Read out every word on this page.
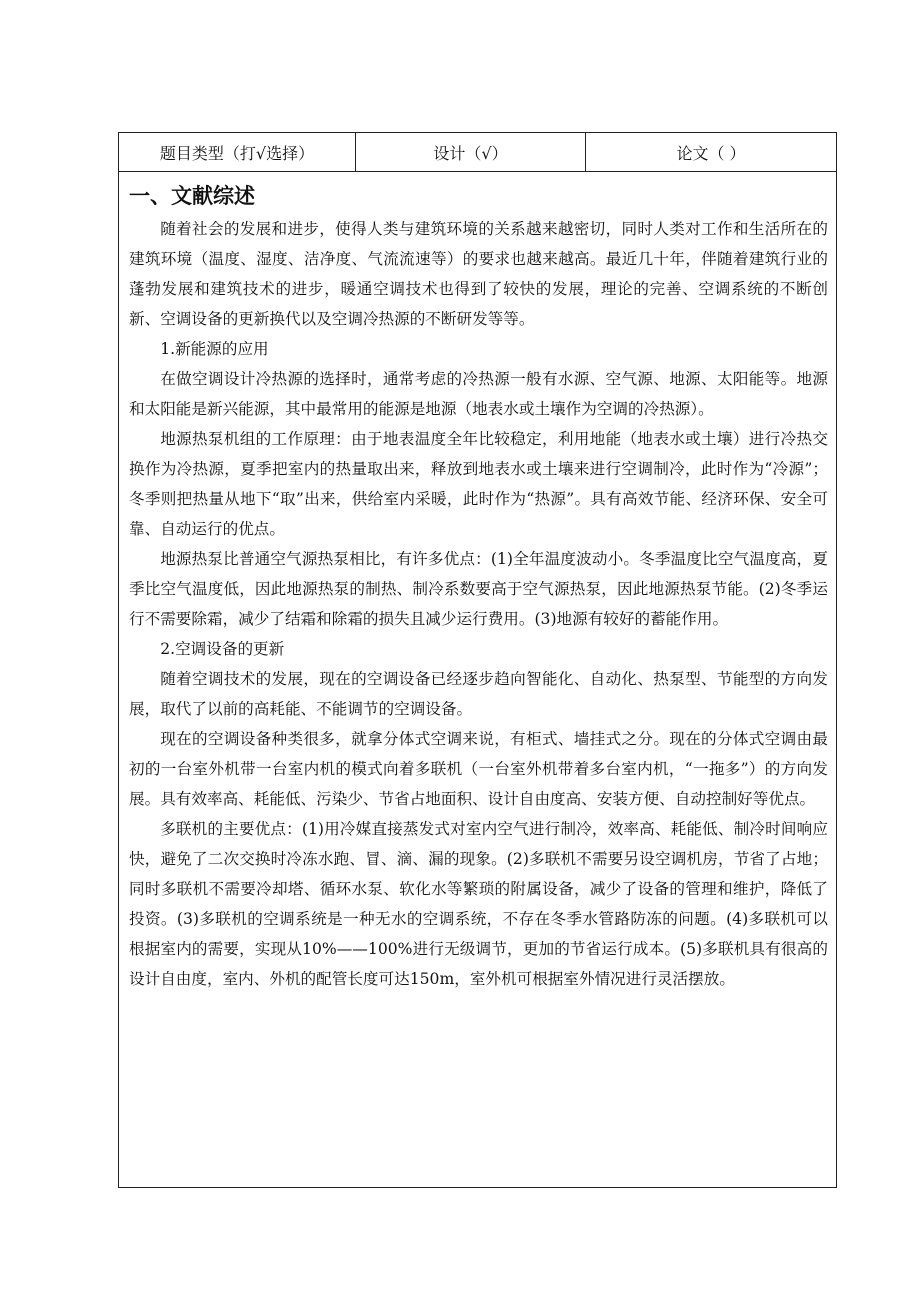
题目类型（打√选择）	设计（√）	论文（ ）
一、文献综述

随着社会的发展和进步，使得人类与建筑环境的关系越来越密切，同时人类对工作和生活所在的建筑环境（温度、湿度、洁净度、气流流速等）的要求也越来越高。最近几十年，伴随着建筑行业的蓬勃发展和建筑技术的进步，暖通空调技术也得到了较快的发展，理论的完善、空调系统的不断创新、空调设备的更新换代以及空调冷热源的不断研发等等。

1.新能源的应用

在做空调设计冷热源的选择时，通常考虑的冷热源一般有水源、空气源、地源、太阳能等。地源和太阳能是新兴能源，其中最常用的能源是地源（地表水或土壤作为空调的冷热源）。

地源热泵机组的工作原理：由于地表温度全年比较稳定，利用地能（地表水或土壤）进行冷热交换作为冷热源，夏季把室内的热量取出来，释放到地表水或土壤来进行空调制冷，此时作为“冷源”；冬季则把热量从地下“取”出来，供给室内采暖，此时作为“热源”。具有高效节能、经济环保、安全可靠、自动运行的优点。

地源热泵比普通空气源热泵相比，有许多优点：(1)全年温度波动小。冬季温度比空气温度高，夏季比空气温度低，因此地源热泵的制热、制冷系数要高于空气源热泵，因此地源热泵节能。(2)冬季运行不需要除霜，减少了结霜和除霜的损失且减少运行费用。(3)地源有较好的蓄能作用。

2.空调设备的更新

随着空调技术的发展，现在的空调设备已经逐步趋向智能化、自动化、热泵型、节能型的方向发展，取代了以前的高耗能、不能调节的空调设备。

现在的空调设备种类很多，就拿分体式空调来说，有柜式、墙挂式之分。现在的分体式空调由最初的一台室外机带一台室内机的模式向着多联机（一台室外机带着多台室内机，“一拖多”）的方向发展。具有效率高、耗能低、污染少、节省占地面积、设计自由度高、安装方便、自动控制好等优点。

多联机的主要优点：(1)用冷媒直接蒸发式对室内空气进行制冷，效率高、耗能低、制冷时间响应快，避免了二次交换时冷冻水跑、冒、滴、漏的现象。(2)多联机不需要另设空调机房，节省了占地；同时多联机不需要冷却塔、循环水泵、软化水等繁琐的附属设备，减少了设备的管理和维护，降低了投资。(3)多联机的空调系统是一种无水的空调系统，不存在冬季水管路防冻的问题。(4)多联机可以根据室内的需要，实现从10%——100%进行无级调节，更加的节省运行成本。(5)多联机具有很高的设计自由度，室内、外机的配管长度可达150m，室外机可根据室外情况进行灵活摆放。
